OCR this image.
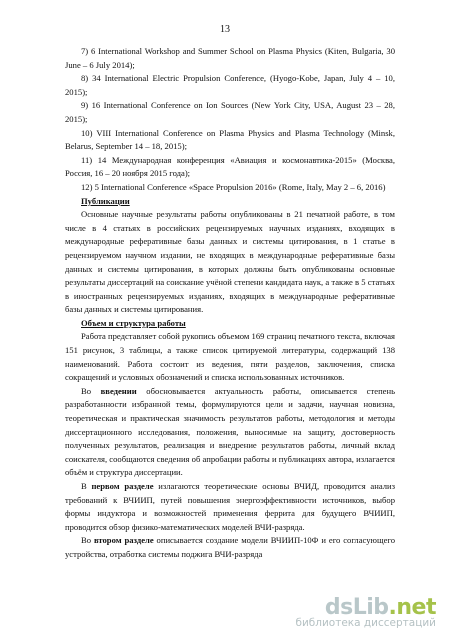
13

7) 6 International Workshop and Summer School on Plasma Physics (Kiten, Bulgaria, 30 June – 6 July 2014);

8) 34 International Electric Propulsion Conference, (Hyogo-Kobe, Japan, July 4 – 10, 2015);

9) 16 International Conference on Ion Sources (New York City, USA, August 23 – 28, 2015);

10) VIII International Conference on Plasma Physics and Plasma Technology (Minsk, Belarus, September 14 – 18, 2015);

11) 14 Международная конференция «Авиация и космонавтика-2015» (Москва, Россия, 16 – 20 ноября 2015 года);

12) 5 International Conference «Space Propulsion 2016» (Rome, Italy, May 2 – 6, 2016)

Публикации

Основные научные результаты работы опубликованы в 21 печатной работе, в том числе в 4 статьях в российских рецензируемых научных изданиях, входящих в международные реферативные базы данных и системы цитирования, в 1 статье в рецензируемом научном издании, не входящих в международные реферативные базы данных и системы цитирования, в которых должны быть опубликованы основные результаты диссертаций на соискание учёной степени кандидата наук, а также в 5 статьях в иностранных рецензируемых изданиях, входящих в международные реферативные базы данных и системы цитирования.

Объем и структура работы

Работа представляет собой рукопись объемом 169 страниц печатного текста, включая 151 рисунок, 3 таблицы, а также список цитируемой литературы, содержащий 138 наименований. Работа состоит из ведения, пяти разделов, заключения, списка сокращений и условных обозначений и списка использованных источников.

Во введении обосновывается актуальность работы, описывается степень разработанности избранной темы, формулируются цели и задачи, научная новизна, теоретическая и практическая значимость результатов работы, методология и методы диссертационного исследования, положения, выносимые на защиту, достоверность полученных результатов, реализация и внедрение результатов работы, личный вклад соискателя, сообщаются сведения об апробации работы и публикациях автора, излагается объём и структура диссертации.

В первом разделе излагаются теоретические основы ВЧИД, проводится анализ требований к ВЧИИП, путей повышения энергоэффективности источников, выбор формы индуктора и возможностей применения феррита для будущего ВЧИИП, проводится обзор физико-математических моделей ВЧИ-разряда.

Во втором разделе описывается создание модели ВЧИИП-10Ф и его согласующего устройства, отработка системы поджига ВЧИ-разряда

dsLib.net
библиотека диссертаций
